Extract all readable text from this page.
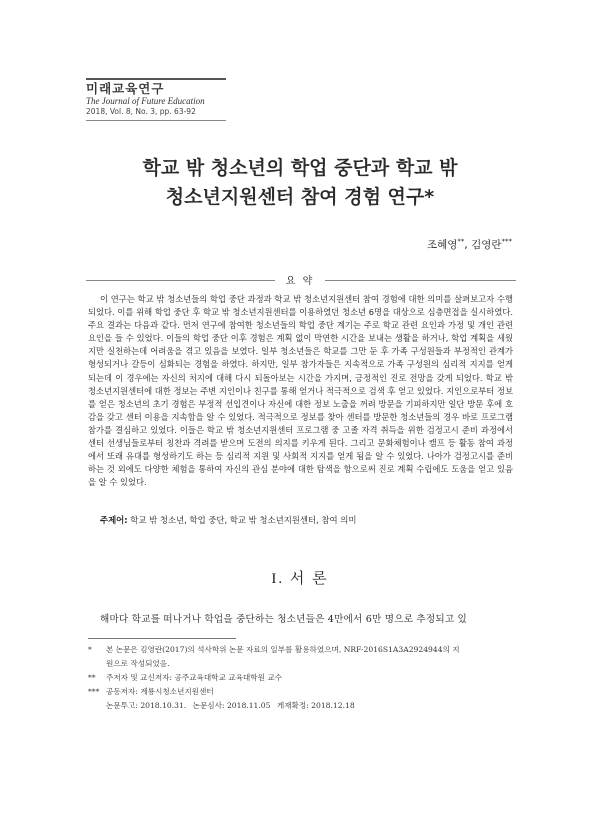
미래교육연구
The Journal of Future Education
2018, Vol. 8, No. 3, pp. 63-92
학교 밖 청소년의 학업 중단과 학교 밖
청소년지원센터 참여 경험 연구*
조혜영**, 김영란***
요 약

이 연구는 학교 밖 청소년들의 학업 중단 과정과 학교 밖 청소년지원센터 참여 경험에 대한 의미를 살펴보고자 수행되었다. 이를 위해 학업 중단 후 학교 밖 청소년지원센터를 이용하였던 청소년 6명을 대상으로 심층면접을 실시하였다. 주요 결과는 다음과 같다. 먼저 연구에 참여한 청소년들의 학업 중단 계기는 주로 학교 관련 요인과 가정 및 개인 관련 요인을 들 수 있었다. 이들의 학업 중단 이후 경험은 계획 없이 막연한 시간을 보내는 생활을 하거나, 학업 계획을 세웠지만 실천하는데 어려움을 겪고 있음을 보였다. 일부 청소년들은 학교를 그만 둔 후 가족 구성원들과 부정적인 관계가 형성되거나 갈등이 심화되는 경험을 하였다. 하지만, 일부 참가자들은 지속적으로 가족 구성원의 심리적 지지를 얻게 되는데 이 경우에는 자신의 처지에 대해 다시 되돌아보는 시간을 가지며, 긍정적인 진로 전망을 갖게 되었다. 학교 밖 청소년지원센터에 대한 정보는 주변 지인이나 친구를 통해 얻거나 적극적으로 검색 후 얻고 있었다. 지인으로부터 정보를 얻은 청소년의 초기 경험은 부정적 선입견이나 자신에 대한 정보 노출을 꺼려 방문을 기피하지만 일단 방문 후에 호감을 갖고 센터 이용을 지속함을 알 수 있었다. 적극적으로 정보를 찾아 센터를 방문한 청소년들의 경우 바로 프로그램 참가를 결심하고 있었다. 이들은 학교 밖 청소년지원센터 프로그램 중 고졸 자격 취득을 위한 검정고시 준비 과정에서 센터 선생님들로부터 칭찬과 격려를 받으며 도전의 의지를 키우게 된다. 그리고 문화체험이나 캠프 등 활동 참여 과정에서 또래 유대를 형성하기도 하는 등 심리적 지원 및 사회적 지지를 얻게 됨을 알 수 있었다. 나아가 검정고시를 준비하는 것 외에도 다양한 체험을 통하여 자신의 관심 분야에 대한 탐색을 함으로써 진로 계획 수립에도 도움을 얻고 있음을 알 수 있었다.

주제어: 학교 밖 청소년, 학업 중단, 학교 밖 청소년지원센터, 참여 의미
I. 서 론
해마다 학교를 떠나거나 학업을 중단하는 청소년들은 4만에서 6만 명으로 추정되고 있
*	본 논문은 김영란(2017)의 석사학위 논문 자료의 일부를 활용하였으며, NRF-2016S1A3A2924944의 지
원으로 작성되었음.
**	주저자 및 교신저자: 공주교육대학교 교육대학원 교수
*** 공동저자: 계룡시청소년지원센터
논문투고: 2018.10.31. 논문심사: 2018.11.05 게재확정: 2018.12.18
